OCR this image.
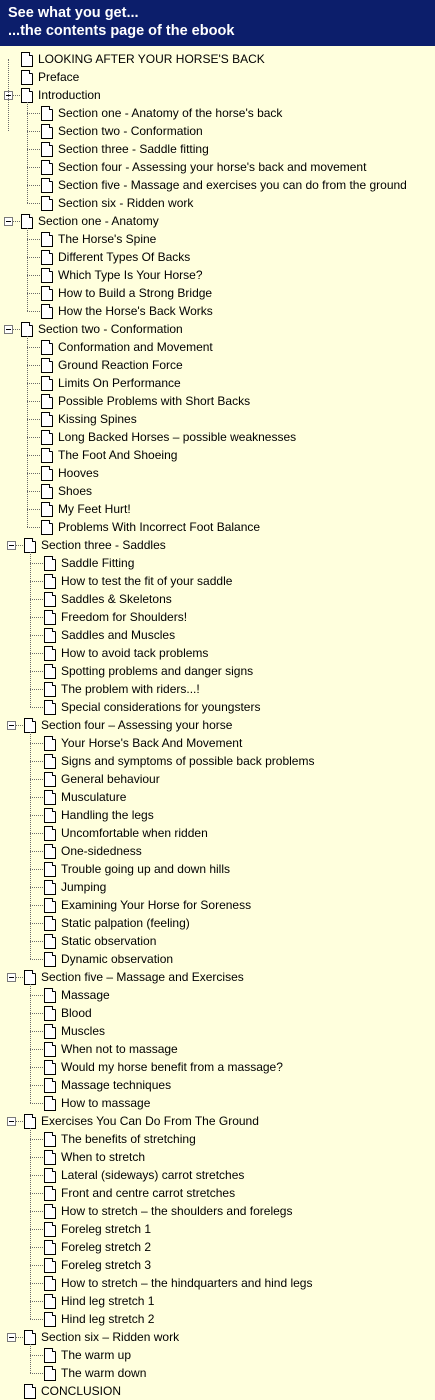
See what you get...
...the contents page of the ebook
LOOKING AFTER YOUR HORSE'S BACK
Preface
Introduction
Section one - Anatomy of the horse's back
Section two - Conformation
Section three - Saddle fitting
Section four - Assessing your horse's back and movement
Section five - Massage and exercises you can do from the ground
Section six - Ridden work
Section one - Anatomy
The Horse's Spine
Different Types Of Backs
Which Type Is Your Horse?
How to Build a Strong Bridge
How the Horse's Back Works
Section two - Conformation
Conformation and Movement
Ground Reaction Force
Limits On Performance
Possible Problems with Short Backs
Kissing Spines
Long Backed Horses – possible weaknesses
The Foot And Shoeing
Hooves
Shoes
My Feet Hurt!
Problems With Incorrect Foot Balance
Section three - Saddles
Saddle Fitting
How to test the fit of your saddle
Saddles & Skeletons
Freedom for Shoulders!
Saddles and Muscles
How to avoid tack problems
Spotting problems and danger signs
The problem with riders...!
Special considerations for youngsters
Section four – Assessing your horse
Your Horse's Back And Movement
Signs and symptoms of possible back problems
General behaviour
Musculature
Handling the legs
Uncomfortable when ridden
One-sidedness
Trouble going up and down hills
Jumping
Examining Your Horse for Soreness
Static palpation (feeling)
Static observation
Dynamic observation
Section five – Massage and Exercises
Massage
Blood
Muscles
When not to massage
Would my horse benefit from a massage?
Massage techniques
How to massage
Exercises You Can Do From The Ground
The benefits of stretching
When to stretch
Lateral (sideways) carrot stretches
Front and centre carrot stretches
How to stretch – the shoulders and forelegs
Foreleg stretch 1
Foreleg stretch 2
Foreleg stretch 3
How to stretch – the hindquarters and hind legs
Hind leg stretch 1
Hind leg stretch 2
Section six – Ridden work
The warm up
The warm down
CONCLUSION
